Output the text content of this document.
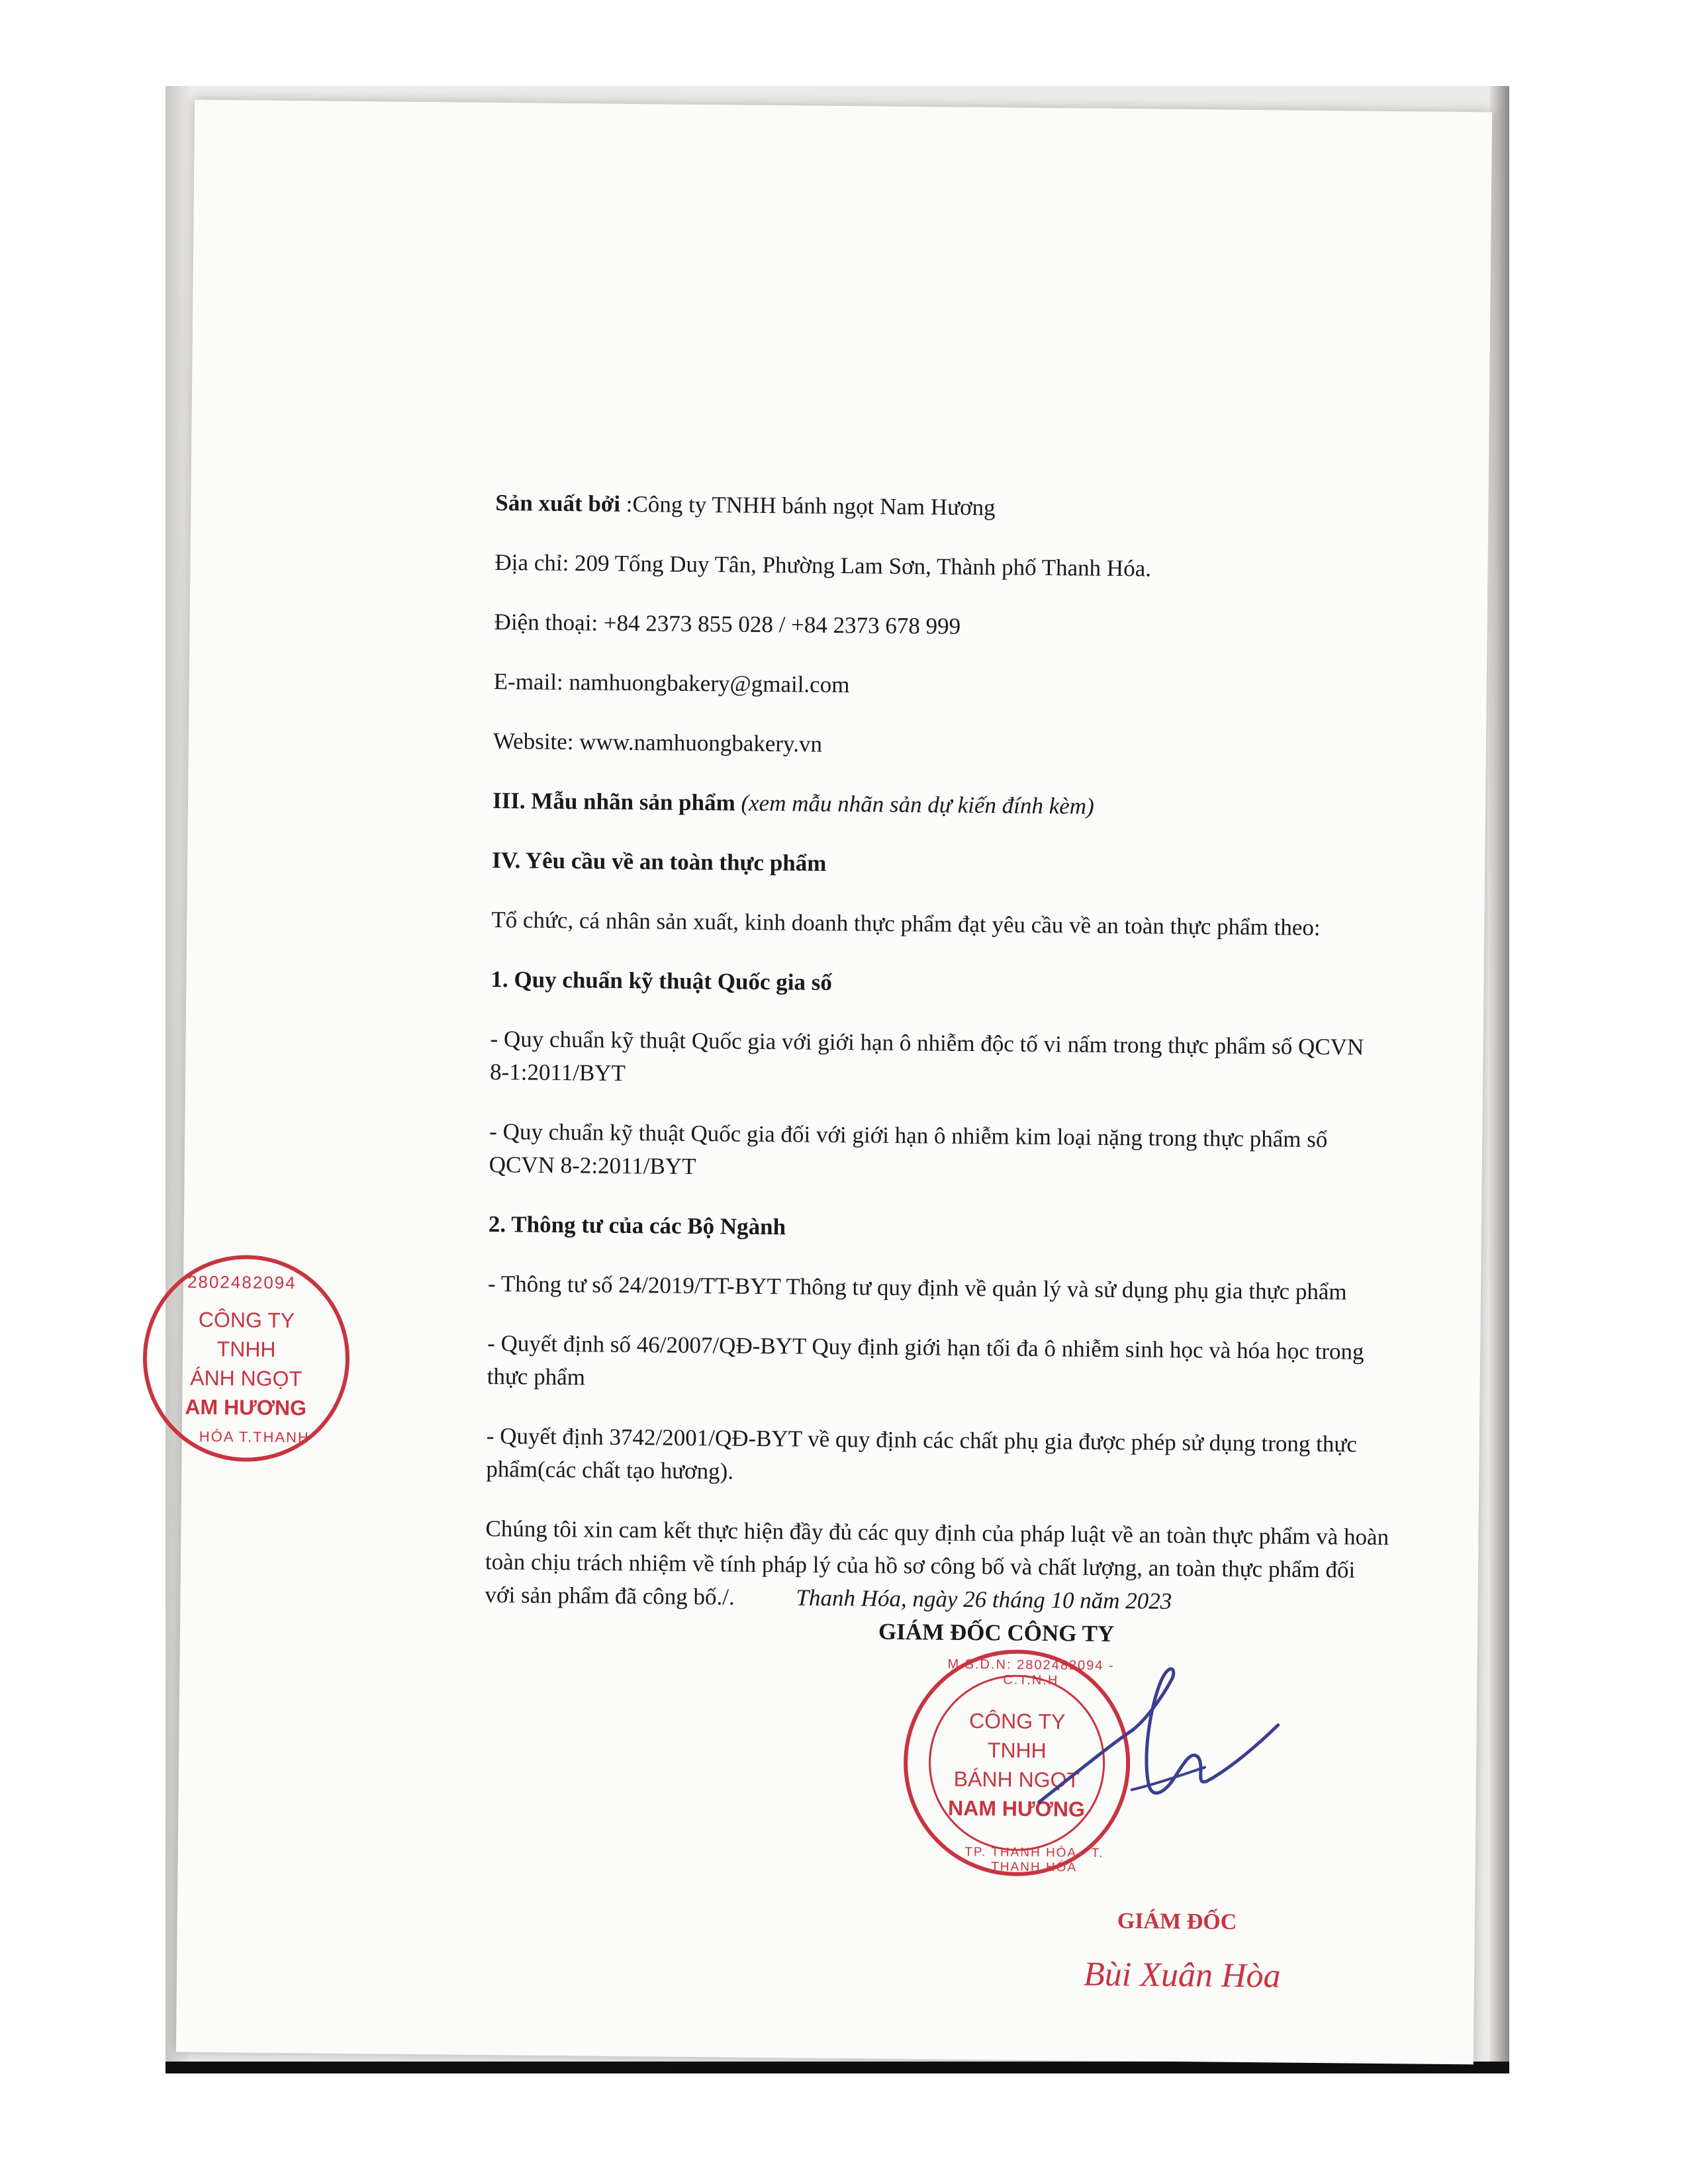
2802482094
CÔNG TY
TNHH
ÁNH NGỌT
AM HƯƠNG
HÓA T.THANH
M.S.D.N: 2802482094 - C.T.N.H
CÔNG TY
TNHH
BÁNH NGỌT
NAM HƯƠNG
TP. THANH HÓA - T. THANH HÓA

Sản xuất bởi :Công ty TNHH bánh ngọt Nam Hương

Địa chỉ: 209 Tống Duy Tân, Phường Lam Sơn, Thành phố Thanh Hóa.

Điện thoại: +84 2373 855 028 / +84 2373 678 999

E-mail: namhuongbakery@gmail.com

Website: www.namhuongbakery.vn

III. Mẫu nhãn sản phẩm (xem mẫu nhãn sản dự kiến đính kèm)

IV. Yêu cầu về an toàn thực phẩm

Tổ chức, cá nhân sản xuất, kinh doanh thực phẩm đạt yêu cầu về an toàn thực phẩm theo:

1. Quy chuẩn kỹ thuật Quốc gia số

- Quy chuẩn kỹ thuật Quốc gia với giới hạn ô nhiễm độc tố vi nấm trong thực phẩm số QCVN

8-1:2011/BYT

- Quy chuẩn kỹ thuật Quốc gia đối với giới hạn ô nhiễm kim loại nặng trong thực phẩm số

QCVN 8-2:2011/BYT

2. Thông tư của các Bộ Ngành

- Thông tư số 24/2019/TT-BYT Thông tư quy định về quản lý và sử dụng phụ gia thực phẩm

- Quyết định số 46/2007/QĐ-BYT Quy định giới hạn tối đa ô nhiễm sinh học và hóa học trong

thực phẩm

- Quyết định 3742/2001/QĐ-BYT về quy định các chất phụ gia được phép sử dụng trong thực

phẩm(các chất tạo hương).

Chúng tôi xin cam kết thực hiện đầy đủ các quy định của pháp luật về an toàn thực phẩm và hoàn

toàn chịu trách nhiệm về tính pháp lý của hồ sơ công bố và chất lượng, an toàn thực phẩm đối

với sản phẩm đã công bố./.	Thanh Hóa, ngày 26 tháng 10 năm 2023

GIÁM ĐỐC CÔNG TY

GIÁM ĐỐC

Bùi Xuân Hòa
